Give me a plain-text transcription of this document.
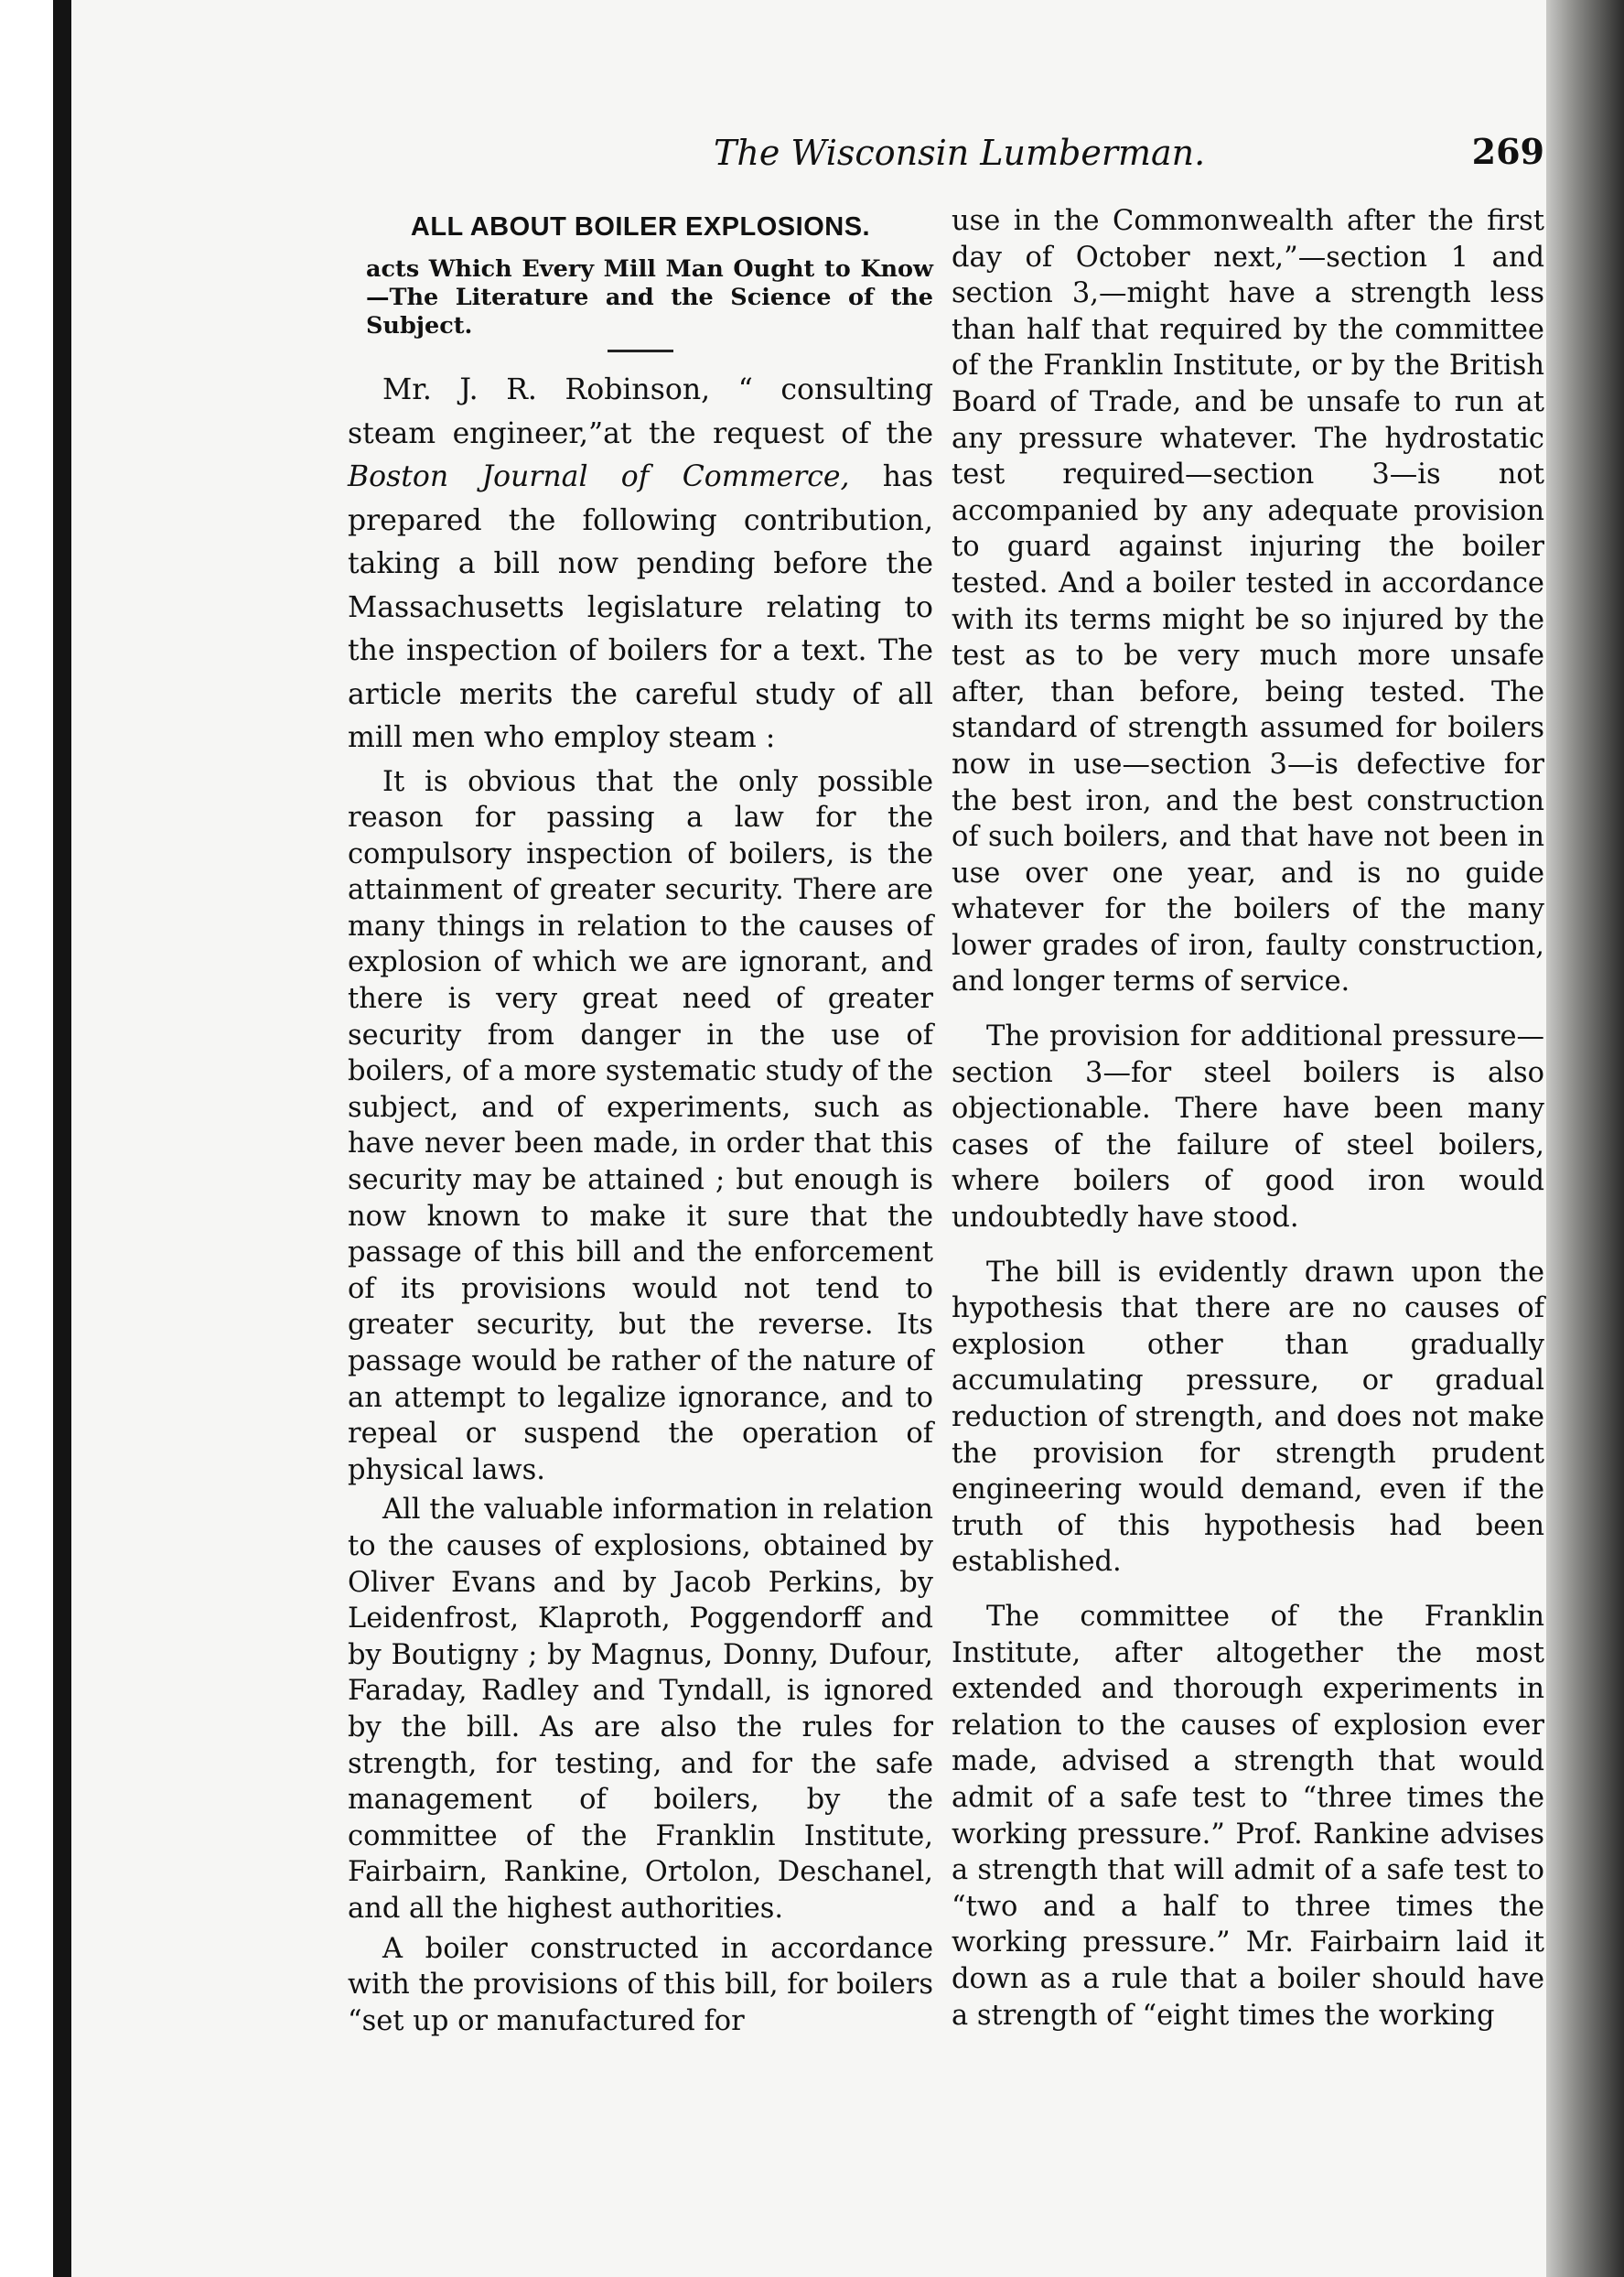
The Wisconsin Lumberman.	269
ALL ABOUT BOILER EXPLOSIONS.
acts Which Every Mill Man Ought to Know —The Literature and the Science of the Subject.

Mr. J. R. Robinson, “ consulting steam engineer,”at the request of the Boston Journal of Commerce, has prepared the following contribution, taking a bill now pending before the Massachusetts legislature relating to the inspection of boilers for a text. The article merits the careful study of all mill men who employ steam :

It is obvious that the only possible reason for passing a law for the compulsory inspection of boilers, is the attainment of greater security. There are many things in relation to the causes of explosion of which we are ignorant, and there is very great need of greater security from danger in the use of boilers, of a more systematic study of the subject, and of experiments, such as have never been made, in order that this security may be attained ; but enough is now known to make it sure that the passage of this bill and the enforcement of its provisions would not tend to greater security, but the reverse. Its passage would be rather of the nature of an attempt to legalize ignorance, and to repeal or suspend the operation of physical laws.

All the valuable information in relation to the causes of explosions, obtained by Oliver Evans and by Jacob Perkins, by Leidenfrost, Klaproth, Poggendorff and by Boutigny ; by Magnus, Donny, Dufour, Faraday, Radley and Tyndall, is ignored by the bill. As are also the rules for strength, for testing, and for the safe management of boilers, by the committee of the Franklin Institute, Fairbairn, Rankine, Ortolon, Deschanel, and all the highest authorities.

A boiler constructed in accordance with the provisions of this bill, for boilers “set up or manufactured for

use in the Commonwealth after the first day of October next,”—section 1 and section 3,—might have a strength less than half that required by the committee of the Franklin Institute, or by the British Board of Trade, and be unsafe to run at any pressure whatever. The hydrostatic test required—section 3—is not accompanied by any adequate provision to guard against injuring the boiler tested. And a boiler tested in accordance with its terms might be so injured by the test as to be very much more unsafe after, than before, being tested. The standard of strength assumed for boilers now in use—section 3—is defective for the best iron, and the best construction of such boilers, and that have not been in use over one year, and is no guide whatever for the boilers of the many lower grades of iron, faulty construction, and longer terms of service.

The provision for additional pressure—section 3—for steel boilers is also objectionable. There have been many cases of the failure of steel boilers, where boilers of good iron would undoubtedly have stood.

The bill is evidently drawn upon the hypothesis that there are no causes of explosion other than gradually accumulating pressure, or gradual reduction of strength, and does not make the provision for strength prudent engineering would demand, even if the truth of this hypothesis had been established.

The committee of the Franklin Institute, after altogether the most extended and thorough experiments in relation to the causes of explosion ever made, advised a strength that would admit of a safe test to “three times the working pressure.” Prof. Rankine advises a strength that will admit of a safe test to “two and a half to three times the working pressure.” Mr. Fairbairn laid it down as a rule that a boiler should have a strength of “eight times the working
